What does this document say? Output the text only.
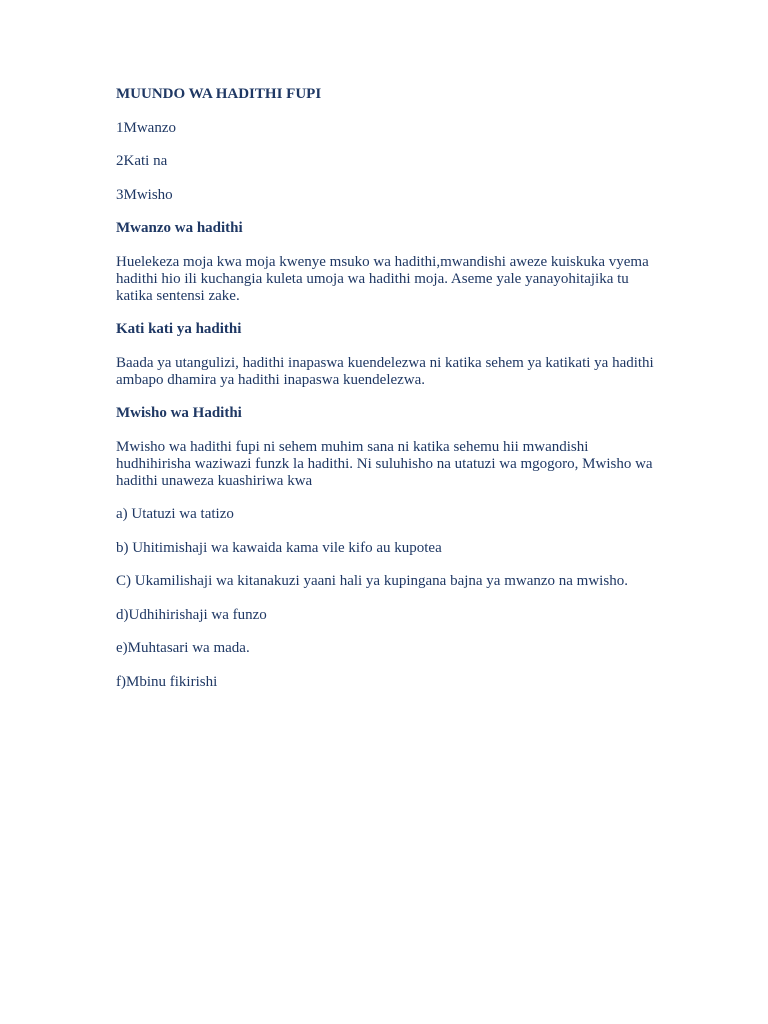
MUUNDO WA HADITHI FUPI

1Mwanzo

2Kati na

3Mwisho

Mwanzo wa hadithi

Huelekeza moja kwa moja kwenye msuko wa hadithi,mwandishi aweze kuiskuka vyema hadithi hio ili kuchangia kuleta umoja wa hadithi moja. Aseme yale yanayohitajika tu katika sentensi zake.

Kati kati ya hadithi

Baada ya utangulizi, hadithi inapaswa kuendelezwa ni katika sehem ya katikati ya hadithi ambapo dhamira ya hadithi inapaswa kuendelezwa.

Mwisho wa Hadithi

Mwisho wa hadithi fupi ni sehem muhim sana ni katika sehemu hii mwandishi hudhihirisha waziwazi funzk la hadithi. Ni suluhisho na utatuzi wa mgogoro, Mwisho wa hadithi unaweza kuashiriwa kwa

a) Utatuzi wa tatizo

b) Uhitimishaji wa kawaida kama vile kifo au kupotea

C) Ukamilishaji wa kitanakuzi yaani hali ya kupingana bajna ya mwanzo na mwisho.

d)Udhihirishaji wa funzo

e)Muhtasari wa mada.

f)Mbinu fikirishi
